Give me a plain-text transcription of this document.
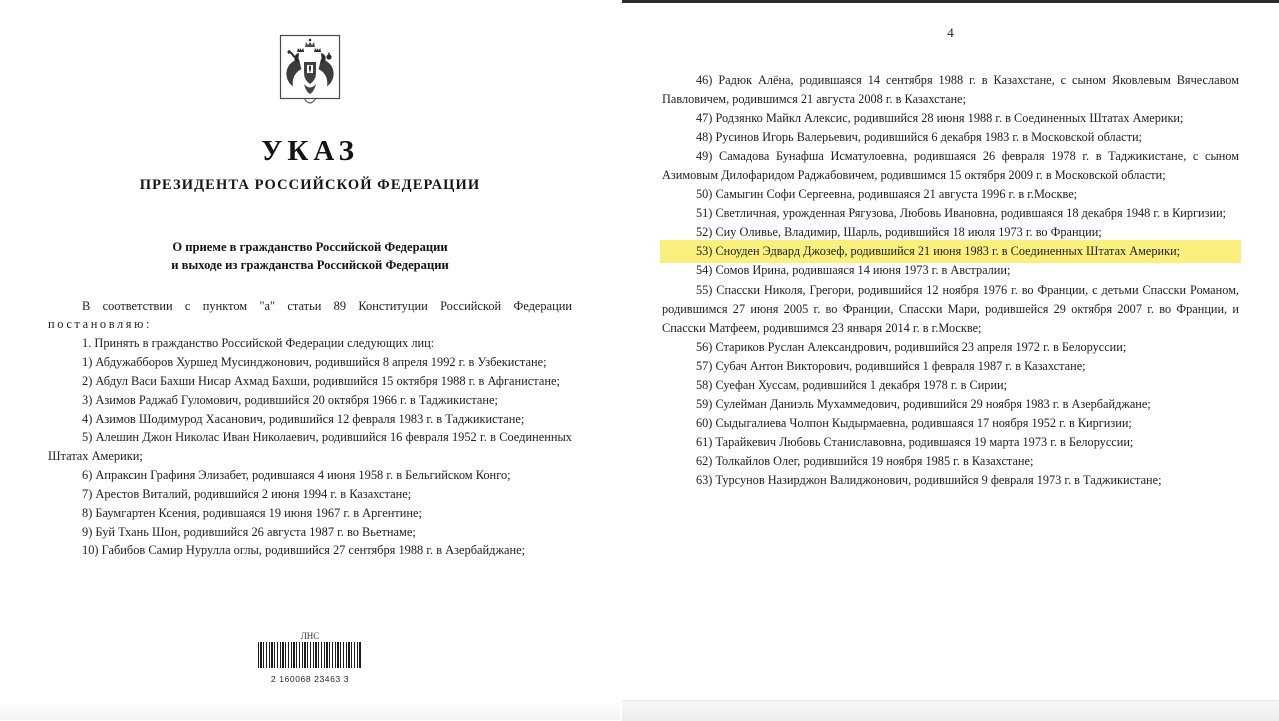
УКАЗ
ПРЕЗИДЕНТА РОССИЙСКОЙ ФЕДЕРАЦИИ
О приеме в гражданство Российской Федерации
и выходе из гражданства Российской Федерации

В соответствии с пунктом "а" статьи 89 Конституции Российской Федерации постановляю:

1. Принять в гражданство Российской Федерации следующих лиц:

1) Абдужабборов Хуршед Мусинджонович, родившийся 8 апреля 1992 г. в Узбекистане;
2) Абдул Васи Бахши Нисар Ахмад Бахши, родившийся 15 октября 1988 г. в Афганистане;
3) Азимов Раджаб Гуломович, родившийся 20 октября 1966 г. в Таджикистане;
4) Азимов Шодимурод Хасанович, родившийся 12 февраля 1983 г. в Таджикистане;
5) Алешин Джон Николас Иван Николаевич, родившийся 16 февраля 1952 г. в Соединенных Штатах Америки;
6) Апраксин Графиня Элизабет, родившаяся 4 июня 1958 г. в Бельгийском Конго;
7) Арестов Виталий, родившийся 2 июня 1994 г. в Казахстане;
8) Баумгартен Ксения, родившаяся 19 июня 1967 г. в Аргентине;
9) Буй Тхань Шон, родившийся 26 августа 1987 г. во Вьетнаме;
10) Габибов Самир Нурулла оглы, родившийся 27 сентября 1988 г. в Азербайджане;
ЛНС
2 160068 23463 3
4
46) Радюк Алёна, родившаяся 14 сентября 1988 г. в Казахстане, с сыном Яковлевым Вячеславом Павловичем, родившимся 21 августа 2008 г. в Казахстане;
47) Родзянко Майкл Алексис, родившийся 28 июня 1988 г. в Соединенных Штатах Америки;
48) Русинов Игорь Валерьевич, родившийся 6 декабря 1983 г. в Московской области;
49) Самадова Бунафша Исматулоевна, родившаяся 26 февраля 1978 г. в Таджикистане, с сыном Азимовым Дилофаридом Раджабовичем, родившимся 15 октября 2009 г. в Московской области;
50) Самыгин Софи Сергеевна, родившаяся 21 августа 1996 г. в г.Москве;
51) Светличная, урожденная Рягузова, Любовь Ивановна, родившаяся 18 декабря 1948 г. в Киргизии;
52) Сиу Оливье, Владимир, Шарль, родившийся 18 июля 1973 г. во Франции;
53) Сноуден Эдвард Джозеф, родившийся 21 июня 1983 г. в Соединенных Штатах Америки;
54) Сомов Ирина, родившаяся 14 июня 1973 г. в Австралии;
55) Спасски Николя, Грегори, родившийся 12 ноября 1976 г. во Франции, с детьми Спасски Романом, родившимся 27 июня 2005 г. во Франции, Спасски Мари, родившейся 29 октября 2007 г. во Франции, и Спасски Матфеем, родившимся 23 января 2014 г. в г.Москве;
56) Стариков Руслан Александрович, родившийся 23 апреля 1972 г. в Белоруссии;
57) Субач Антон Викторович, родившийся 1 февраля 1987 г. в Казахстане;
58) Суефан Хуссам, родившийся 1 декабря 1978 г. в Сирии;
59) Сулейман Даниэль Мухаммедович, родившийся 29 ноября 1983 г. в Азербайджане;
60) Сыдыгалиева Чолпон Кыдырмаевна, родившаяся 17 ноября 1952 г. в Киргизии;
61) Тарайкевич Любовь Станиславовна, родившаяся 19 марта 1973 г. в Белоруссии;
62) Толкайлов Олег, родившийся 19 ноября 1985 г. в Казахстане;
63) Турсунов Назирджон Валиджонович, родившийся 9 февраля 1973 г. в Таджикистане;
